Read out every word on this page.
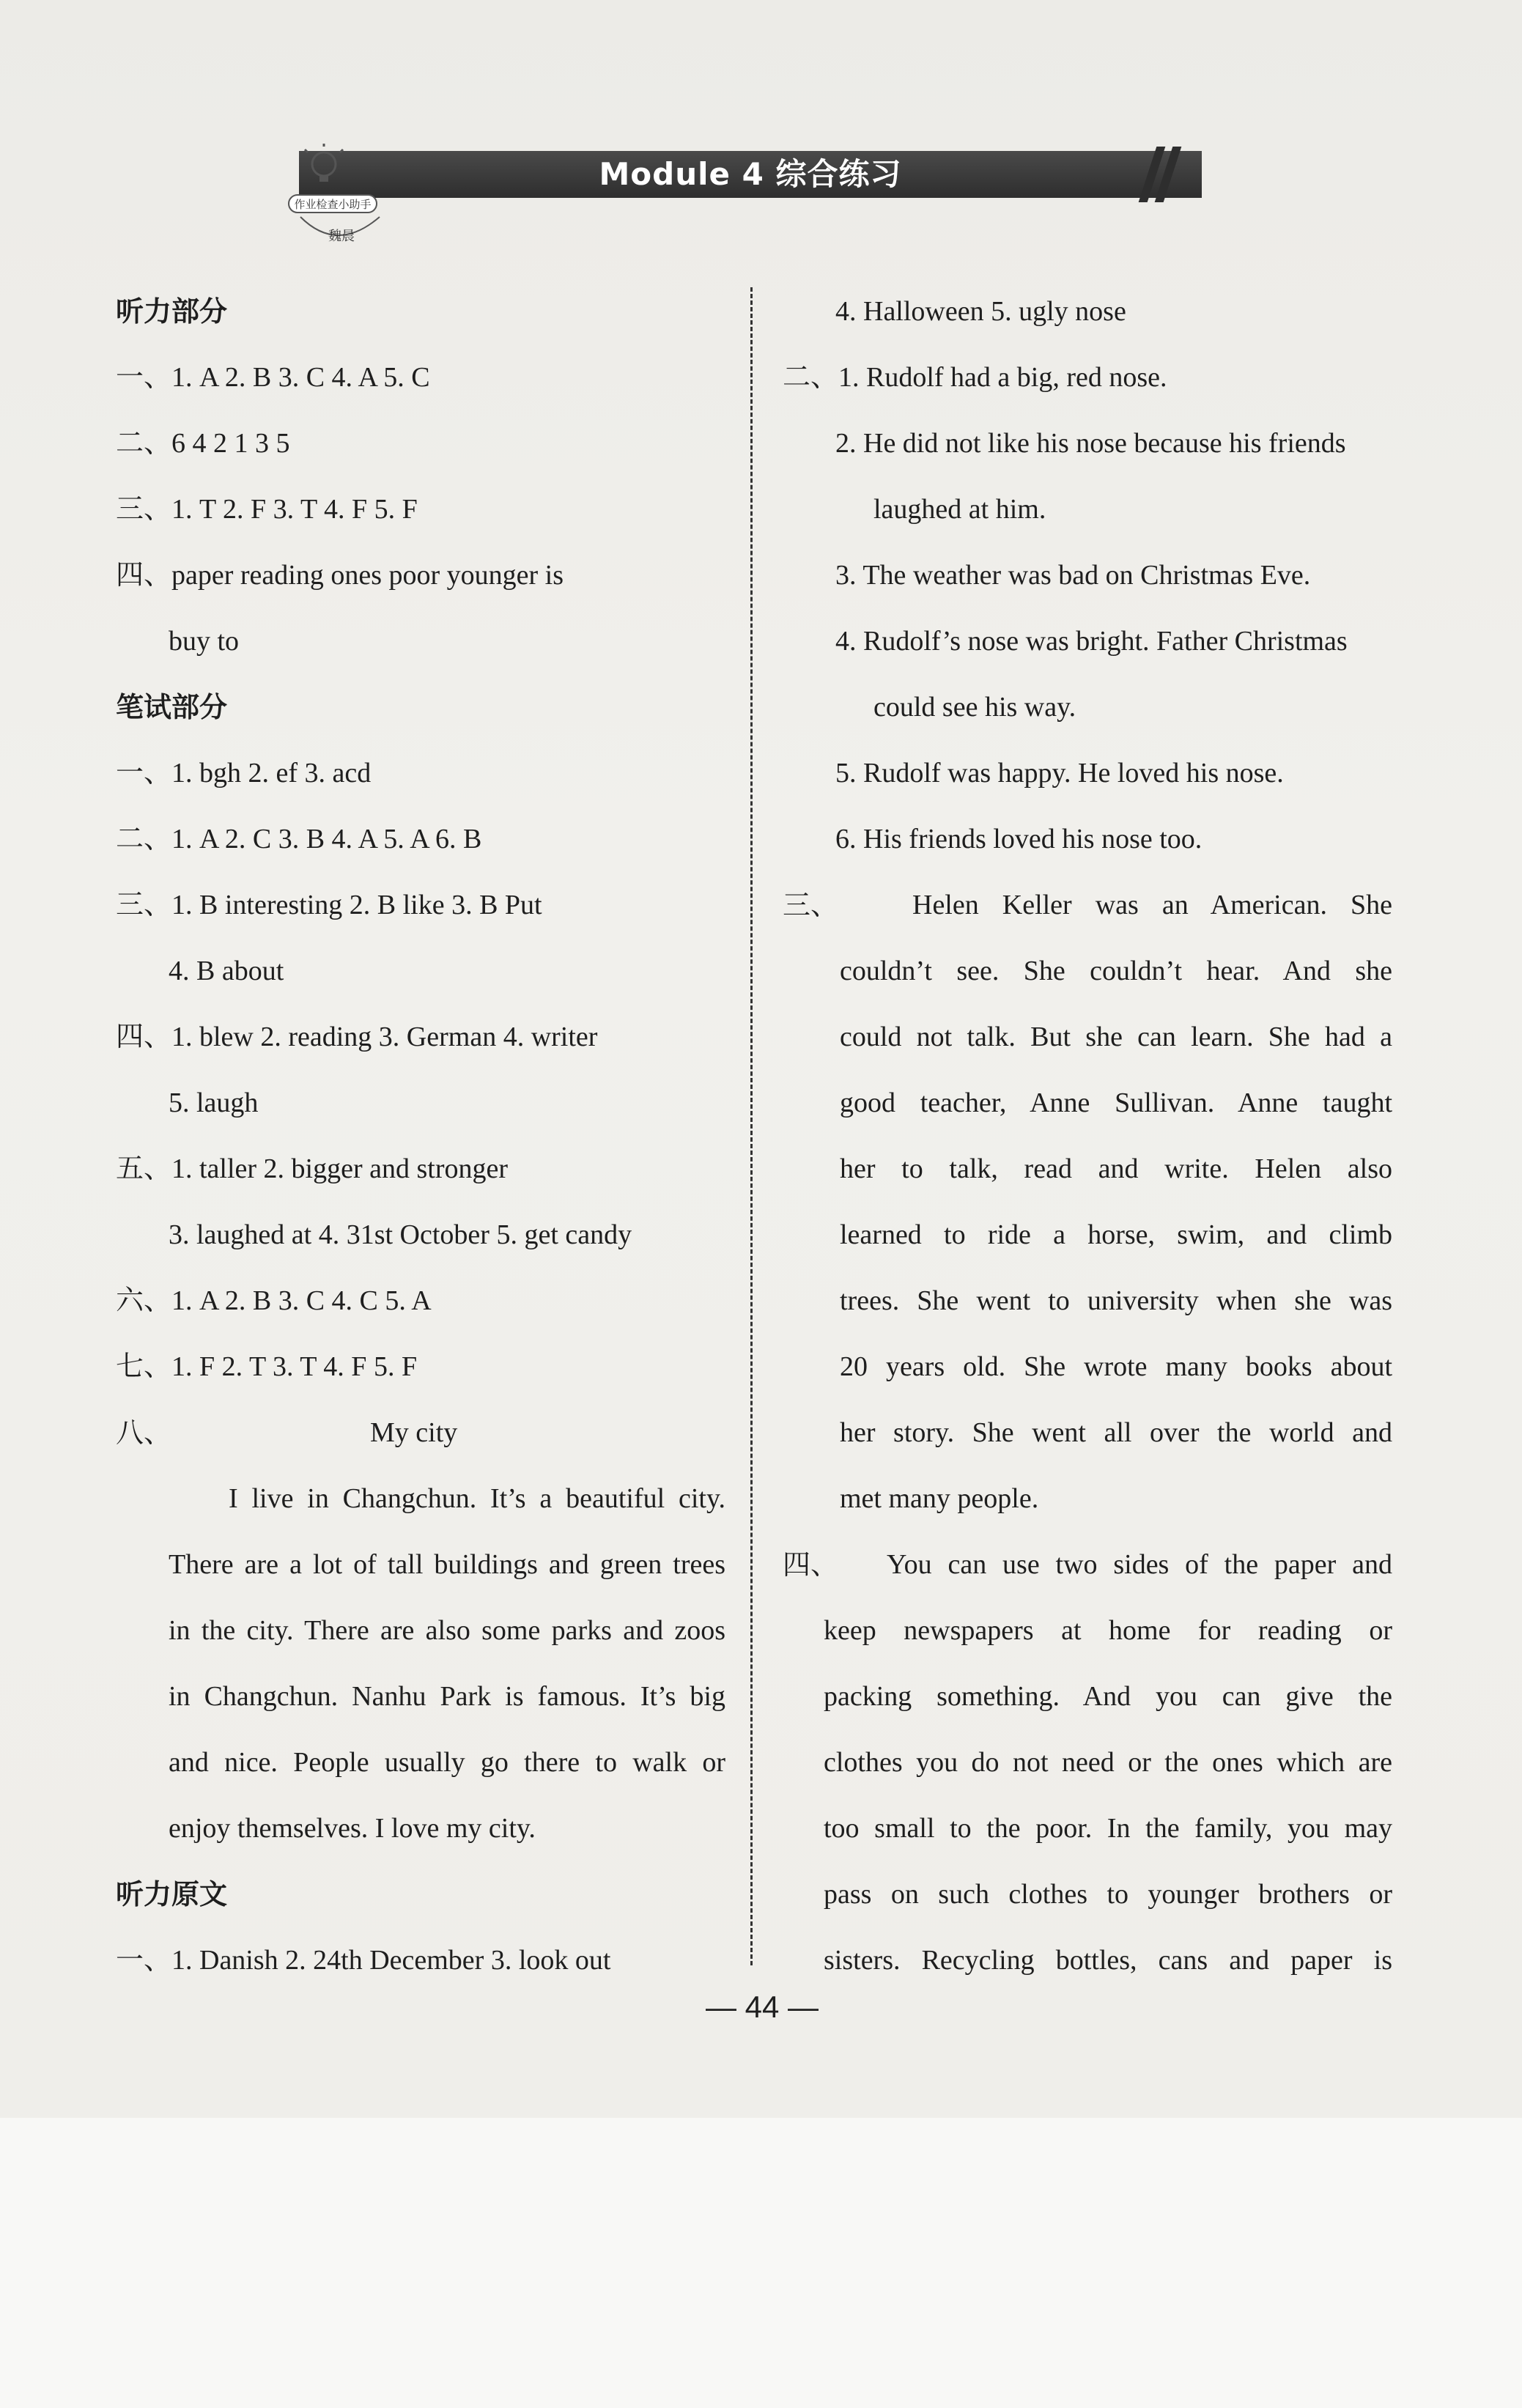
Module 4 综合练习
作业检查小助手
魏晨
听力部分
一、1. A 2. B 3. C 4. A 5. C
二、6 4 2 1 3 5
三、1. T 2. F 3. T 4. F 5. F
四、paper reading ones poor younger is
buy to
笔试部分
一、1. bgh 2. ef 3. acd
二、1. A 2. C 3. B 4. A 5. A 6. B
三、1. B interesting 2. B like 3. B Put
4. B about
四、1. blew 2. reading 3. German 4. writer
5. laugh
五、1. taller 2. bigger and stronger
3. laughed at 4. 31st October 5. get candy
六、1. A 2. B 3. C 4. C 5. A
七、1. F 2. T 3. T 4. F 5. F
八、	My city
I live in Changchun. It’s a beautiful city.
There are a lot of tall buildings and green trees
in the city. There are also some parks and zoos
in Changchun. Nanhu Park is famous. It’s big
and nice. People usually go there to walk or
enjoy themselves. I love my city.
听力原文
一、1. Danish 2. 24th December 3. look out
4. Halloween 5. ugly nose
二、1. Rudolf had a big, red nose.
2. He did not like his nose because his friends
laughed at him.
3. The weather was bad on Christmas Eve.
4. Rudolf’s nose was bright. Father Christmas
could see his way.
5. Rudolf was happy. He loved his nose.
6. His friends loved his nose too.
三、	Helen Keller was an American. She
couldn’t see. She couldn’t hear. And she
could not talk. But she can learn. She had a
good teacher, Anne Sullivan. Anne taught
her to talk, read and write. Helen also
learned to ride a horse, swim, and climb
trees. She went to university when she was
20 years old. She wrote many books about
her story. She went all over the world and
met many people.
四、 You can use two sides of the paper and
keep newspapers at home for reading or
packing something. And you can give the
clothes you do not need or the ones which are
too small to the poor. In the family, you may
pass on such clothes to younger brothers or
sisters. Recycling bottles, cans and paper is
— 44 —
